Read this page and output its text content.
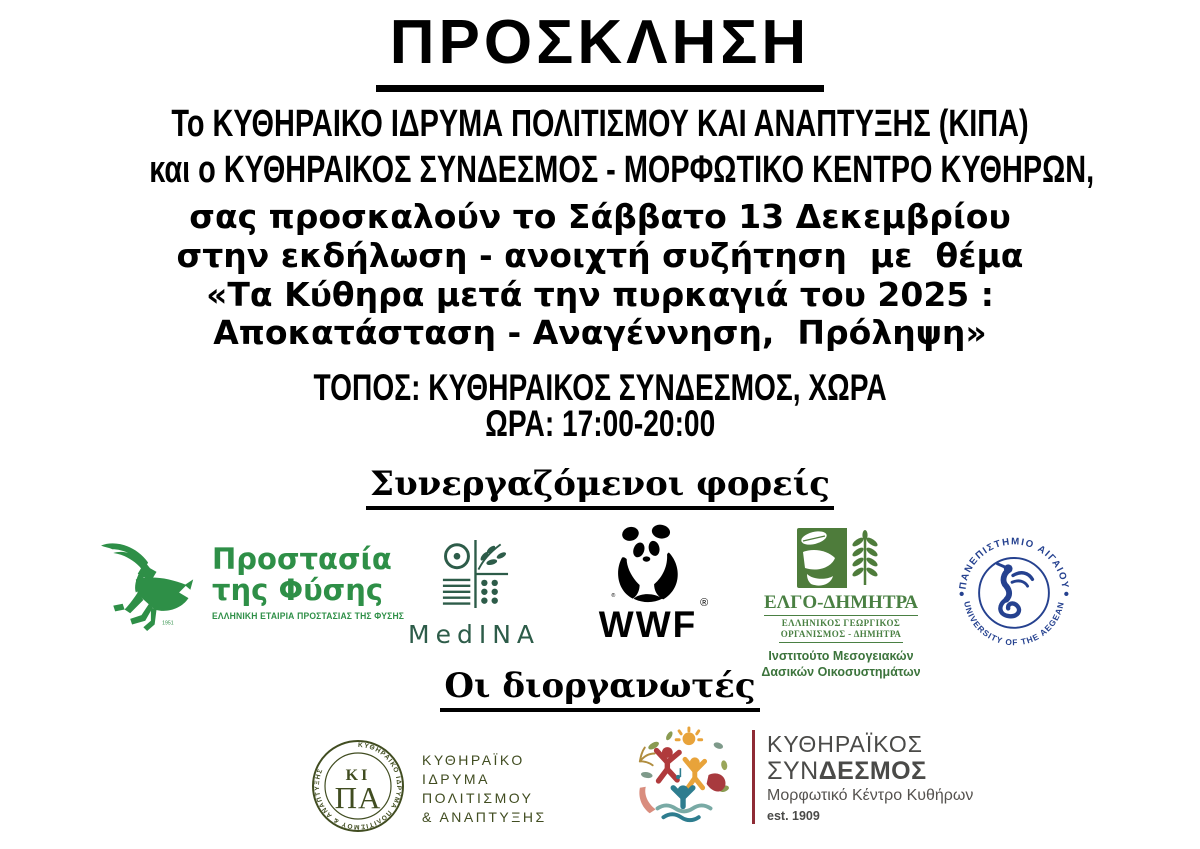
ΠΡΟΣΚΛΗΣΗ
Το ΚΥΘΗΡΑΙΚΟ ΙΔΡΥΜΑ ΠΟΛΙΤΙΣΜΟΥ ΚΑΙ ΑΝΑΠΤΥΞΗΣ (ΚΙΠΑ)
και ο ΚΥΘΗΡΑΙΚΟΣ ΣΥΝΔΕΣΜΟΣ - ΜΟΡΦΩΤΙΚΟ ΚΕΝΤΡΟ ΚΥΘΗΡΩΝ,
σας προσκαλούν το Σάββατο 13 Δεκεμβρίου
στην εκδήλωση - ανοιχτή συζήτηση  με  θέμα
«Τα Κύθηρα μετά την πυρκαγιά του 2025 :
Αποκατάσταση - Αναγέννηση,  Πρόληψη»
ΤΟΠΟΣ: ΚΥΘΗΡΑΙΚΟΣ ΣΥΝΔΕΣΜΟΣ, ΧΩΡΑ
ΩΡΑ: 17:00-20:00
Συνεργαζόμενοι φορείς
1951
Προστασία
της Φύσης
ΕΛΛΗΝΙΚΗ ΕΤΑΙΡΙΑ ΠΡΟΣΤΑΣΙΑΣ ΤΗΣ ΦΥΣΗΣ
MedINA
®
WWF
®	ΕΛΓΟ-ΔΗΜΗΤΡΑ
ΕΛΛΗΝΙΚΟΣ ΓΕΩΡΓΙΚΟΣ
ΟΡΓΑΝΙΣΜΟΣ - ΔΗΜΗΤΡΑ
Ινστιτούτο Μεσογειακών
Δασικών Οικοσυστημάτων
ΠΑΝΕΠΙΣΤΗΜΙΟ ΑΙΓΑΙΟΥ
UNIVERSITY OF THE AEGEAN
Οι διοργανωτές
ΚΥΘΗΡΑΪΚΟ ΙΔΡΥΜΑ ΠΟΛΙΤΙΣΜΟΥ & ΑΝΑΠΤΥΞΗΣ	ΚΙ
ΠΑ
ΚΥΘΗΡΑΪΚΟ
ΙΔΡΥΜΑ
ΠΟΛΙΤΙΣΜΟΥ
& ΑΝΑΠΤΥΞΗΣ
ΚΥΘΗΡΑΪΚΟΣ
ΣΥΝΔΕΣΜΟΣ
Μορφωτικό Κέντρο Κυθήρων
est. 1909
